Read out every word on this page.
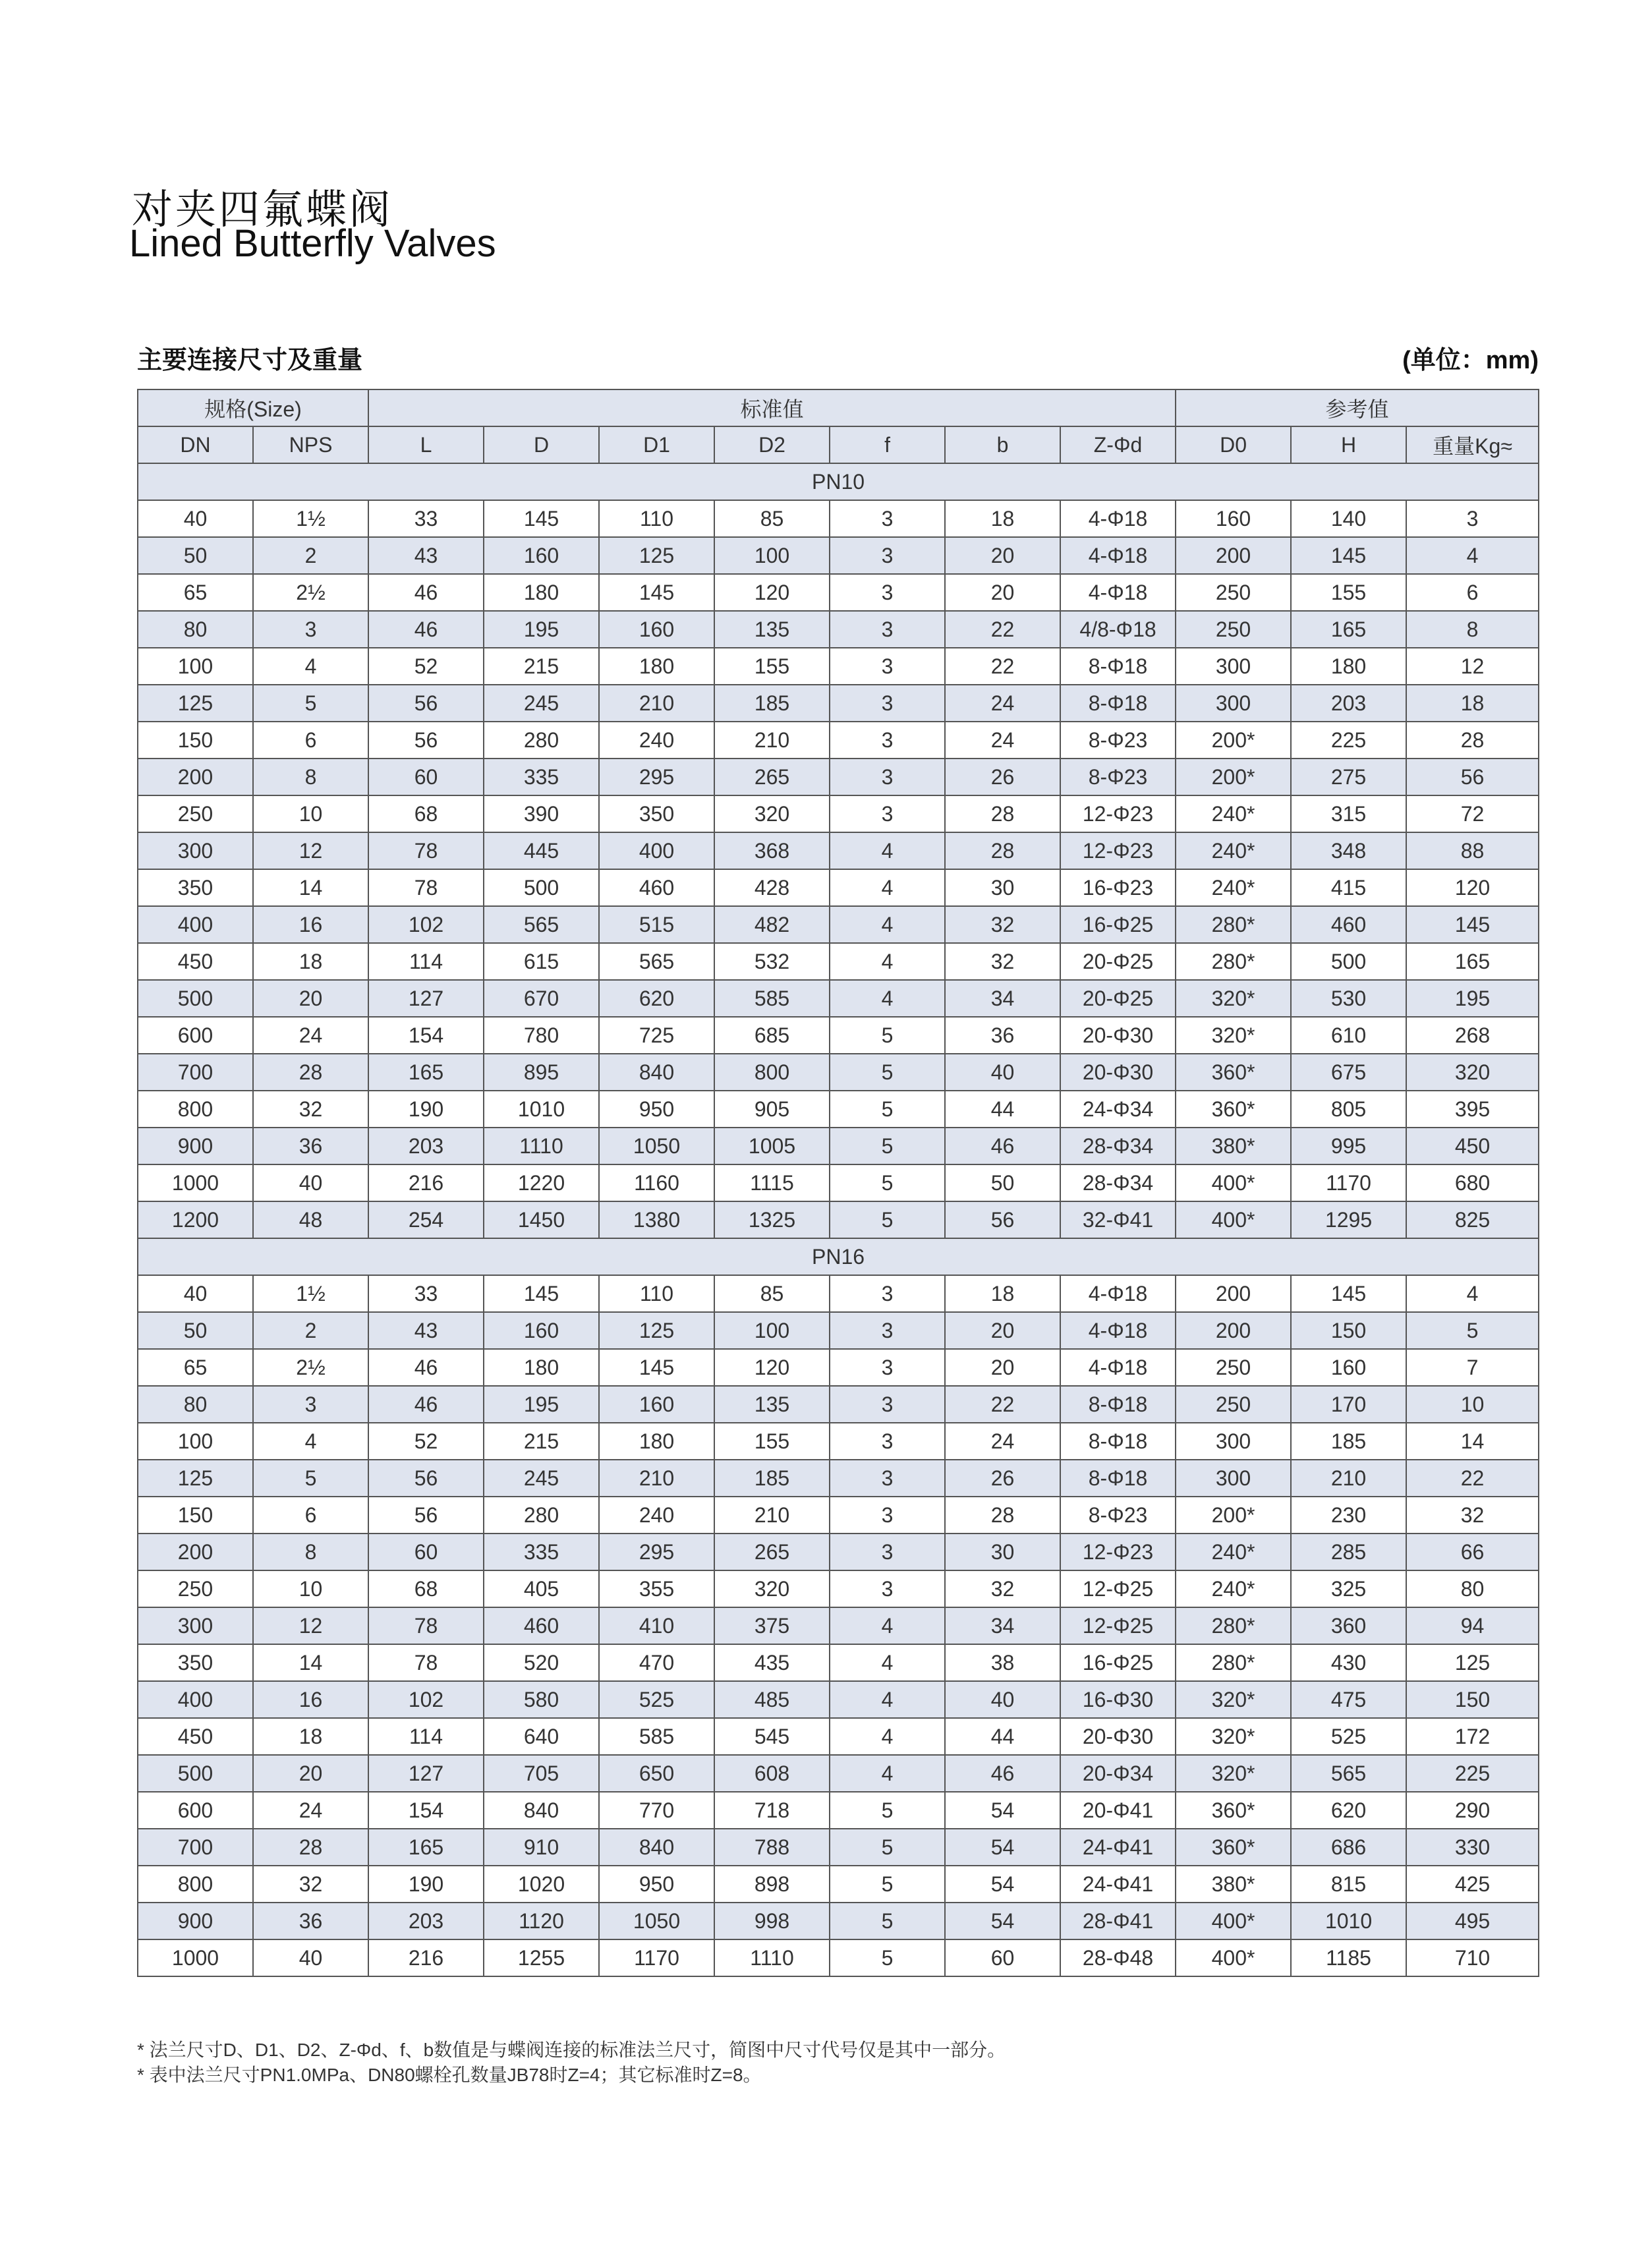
对夹四氟蝶阀
Lined Butterfly Valves
主要连接尺寸及重量	(单位：mm)
规格(Size)		标准值							参考值		
DN	NPS	L	D	D1	D2	f	b	Z-Φd	D0	H	重量Kg≈
PN10											
40	1½	33	145	110	85	3	18	4-Φ18	160	140	3
50	2	43	160	125	100	3	20	4-Φ18	200	145	4
65	2½	46	180	145	120	3	20	4-Φ18	250	155	6
80	3	46	195	160	135	3	22	4/8-Φ18	250	165	8
100	4	52	215	180	155	3	22	8-Φ18	300	180	12
125	5	56	245	210	185	3	24	8-Φ18	300	203	18
150	6	56	280	240	210	3	24	8-Φ23	200*	225	28
200	8	60	335	295	265	3	26	8-Φ23	200*	275	56
250	10	68	390	350	320	3	28	12-Φ23	240*	315	72
300	12	78	445	400	368	4	28	12-Φ23	240*	348	88
350	14	78	500	460	428	4	30	16-Φ23	240*	415	120
400	16	102	565	515	482	4	32	16-Φ25	280*	460	145
450	18	114	615	565	532	4	32	20-Φ25	280*	500	165
500	20	127	670	620	585	4	34	20-Φ25	320*	530	195
600	24	154	780	725	685	5	36	20-Φ30	320*	610	268
700	28	165	895	840	800	5	40	20-Φ30	360*	675	320
800	32	190	1010	950	905	5	44	24-Φ34	360*	805	395
900	36	203	1110	1050	1005	5	46	28-Φ34	380*	995	450
1000	40	216	1220	1160	1115	5	50	28-Φ34	400*	1170	680
1200	48	254	1450	1380	1325	5	56	32-Φ41	400*	1295	825
PN16											
40	1½	33	145	110	85	3	18	4-Φ18	200	145	4
50	2	43	160	125	100	3	20	4-Φ18	200	150	5
65	2½	46	180	145	120	3	20	4-Φ18	250	160	7
80	3	46	195	160	135	3	22	8-Φ18	250	170	10
100	4	52	215	180	155	3	24	8-Φ18	300	185	14
125	5	56	245	210	185	3	26	8-Φ18	300	210	22
150	6	56	280	240	210	3	28	8-Φ23	200*	230	32
200	8	60	335	295	265	3	30	12-Φ23	240*	285	66
250	10	68	405	355	320	3	32	12-Φ25	240*	325	80
300	12	78	460	410	375	4	34	12-Φ25	280*	360	94
350	14	78	520	470	435	4	38	16-Φ25	280*	430	125
400	16	102	580	525	485	4	40	16-Φ30	320*	475	150
450	18	114	640	585	545	4	44	20-Φ30	320*	525	172
500	20	127	705	650	608	4	46	20-Φ34	320*	565	225
600	24	154	840	770	718	5	54	20-Φ41	360*	620	290
700	28	165	910	840	788	5	54	24-Φ41	360*	686	330
800	32	190	1020	950	898	5	54	24-Φ41	380*	815	425
900	36	203	1120	1050	998	5	54	28-Φ41	400*	1010	495
1000	40	216	1255	1170	1110	5	60	28-Φ48	400*	1185	710
* 法兰尺寸D、D1、D2、Z-Φd、f、b数值是与蝶阀连接的标准法兰尺寸，简图中尺寸代号仅是其中一部分。
* 表中法兰尺寸PN1.0MPa、DN80螺栓孔数量JB78时Z=4；其它标准时Z=8。
